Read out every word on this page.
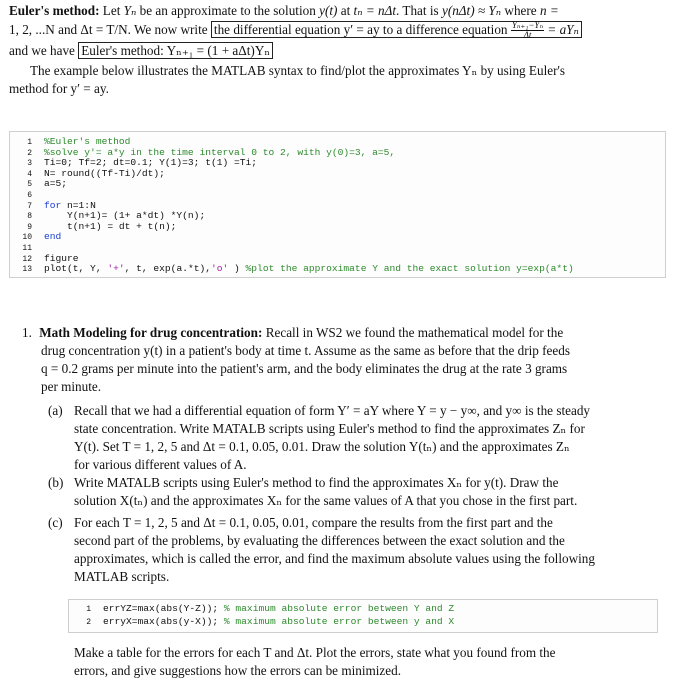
Euler's method: Let Yₙ be an approximate to the solution y(t) at tₙ = nΔt. That is y(nΔt) ≈ Yₙ where n =
1, 2, ...N and Δt = T/N. We now write the differential equation y′ = ay to a difference equation $\frac{\text{Yₙ₊₁−Yₙ}}{\Delta t} = aY_n$
and we have Euler's method: Yₙ₊₁ = (1 + aΔt)Yₙ
The example below illustrates the MATLAB syntax to find/plot the approximates Yₙ by using Euler's
method for y′ = ay.
1 %Euler's method
2 %solve y'= a*y in the time interval 0 to 2, with y(0)=3, a=5,
3 Ti=0; Tf=2; dt=0.1; Y(1)=3; t(1) =Ti;
4 N= round((Tf-Ti)/dt);
5 a=5;
6
7 for n=1:N
8    Y(n+1)= (1+ a*dt) *Y(n);
9    t(n+1) = dt + t(n);
10 end
11
12 figure
13 plot(t, Y, '+', t, exp(a.*t),'o' ) %plot the approximate Y and the exact solution y=exp(a*t)
1. Math Modeling for drug concentration: Recall in WS2 we found the mathematical model for the
drug concentration y(t) in a patient's body at time t. Assume as the same as before that the drip feeds
q = 0.2 grams per minute into the patient's arm, and the body eliminates the drug at the rate 3 grams
per minute.
(a) Recall that we had a differential equation of form Y′ = aY where Y = y − y∞, and y∞ is the steady
state concentration. Write MATALB scripts using Euler's method to find the approximates Zₙ for
Y(t). Set T = 1, 2, 5 and Δt = 0.1, 0.05, 0.01. Draw the solution Y(tₙ) and the approximates Zₙ
for various different values of A.
(b) Write MATALB scripts using Euler's method to find the approximates Xₙ for y(t). Draw the
solution X(tₙ) and the approximates Xₙ for the same values of A that you chose in the first part.
(c) For each T = 1, 2, 5 and Δt = 0.1, 0.05, 0.01, compare the results from the first part and the
second part of the problems, by evaluating the differences between the exact solution and the
approximates, which is called the error, and find the maximum absolute values using the following
MATLAB scripts.
1 errYZ=max(abs(Y-Z)); % maximum absolute error between Y and Z
2 erryX=max(abs(y-X)); % maximum absolute error between y and X
Make a table for the errors for each T and Δt. Plot the errors, state what you found from the
errors, and give suggestions how the errors can be minimized.
